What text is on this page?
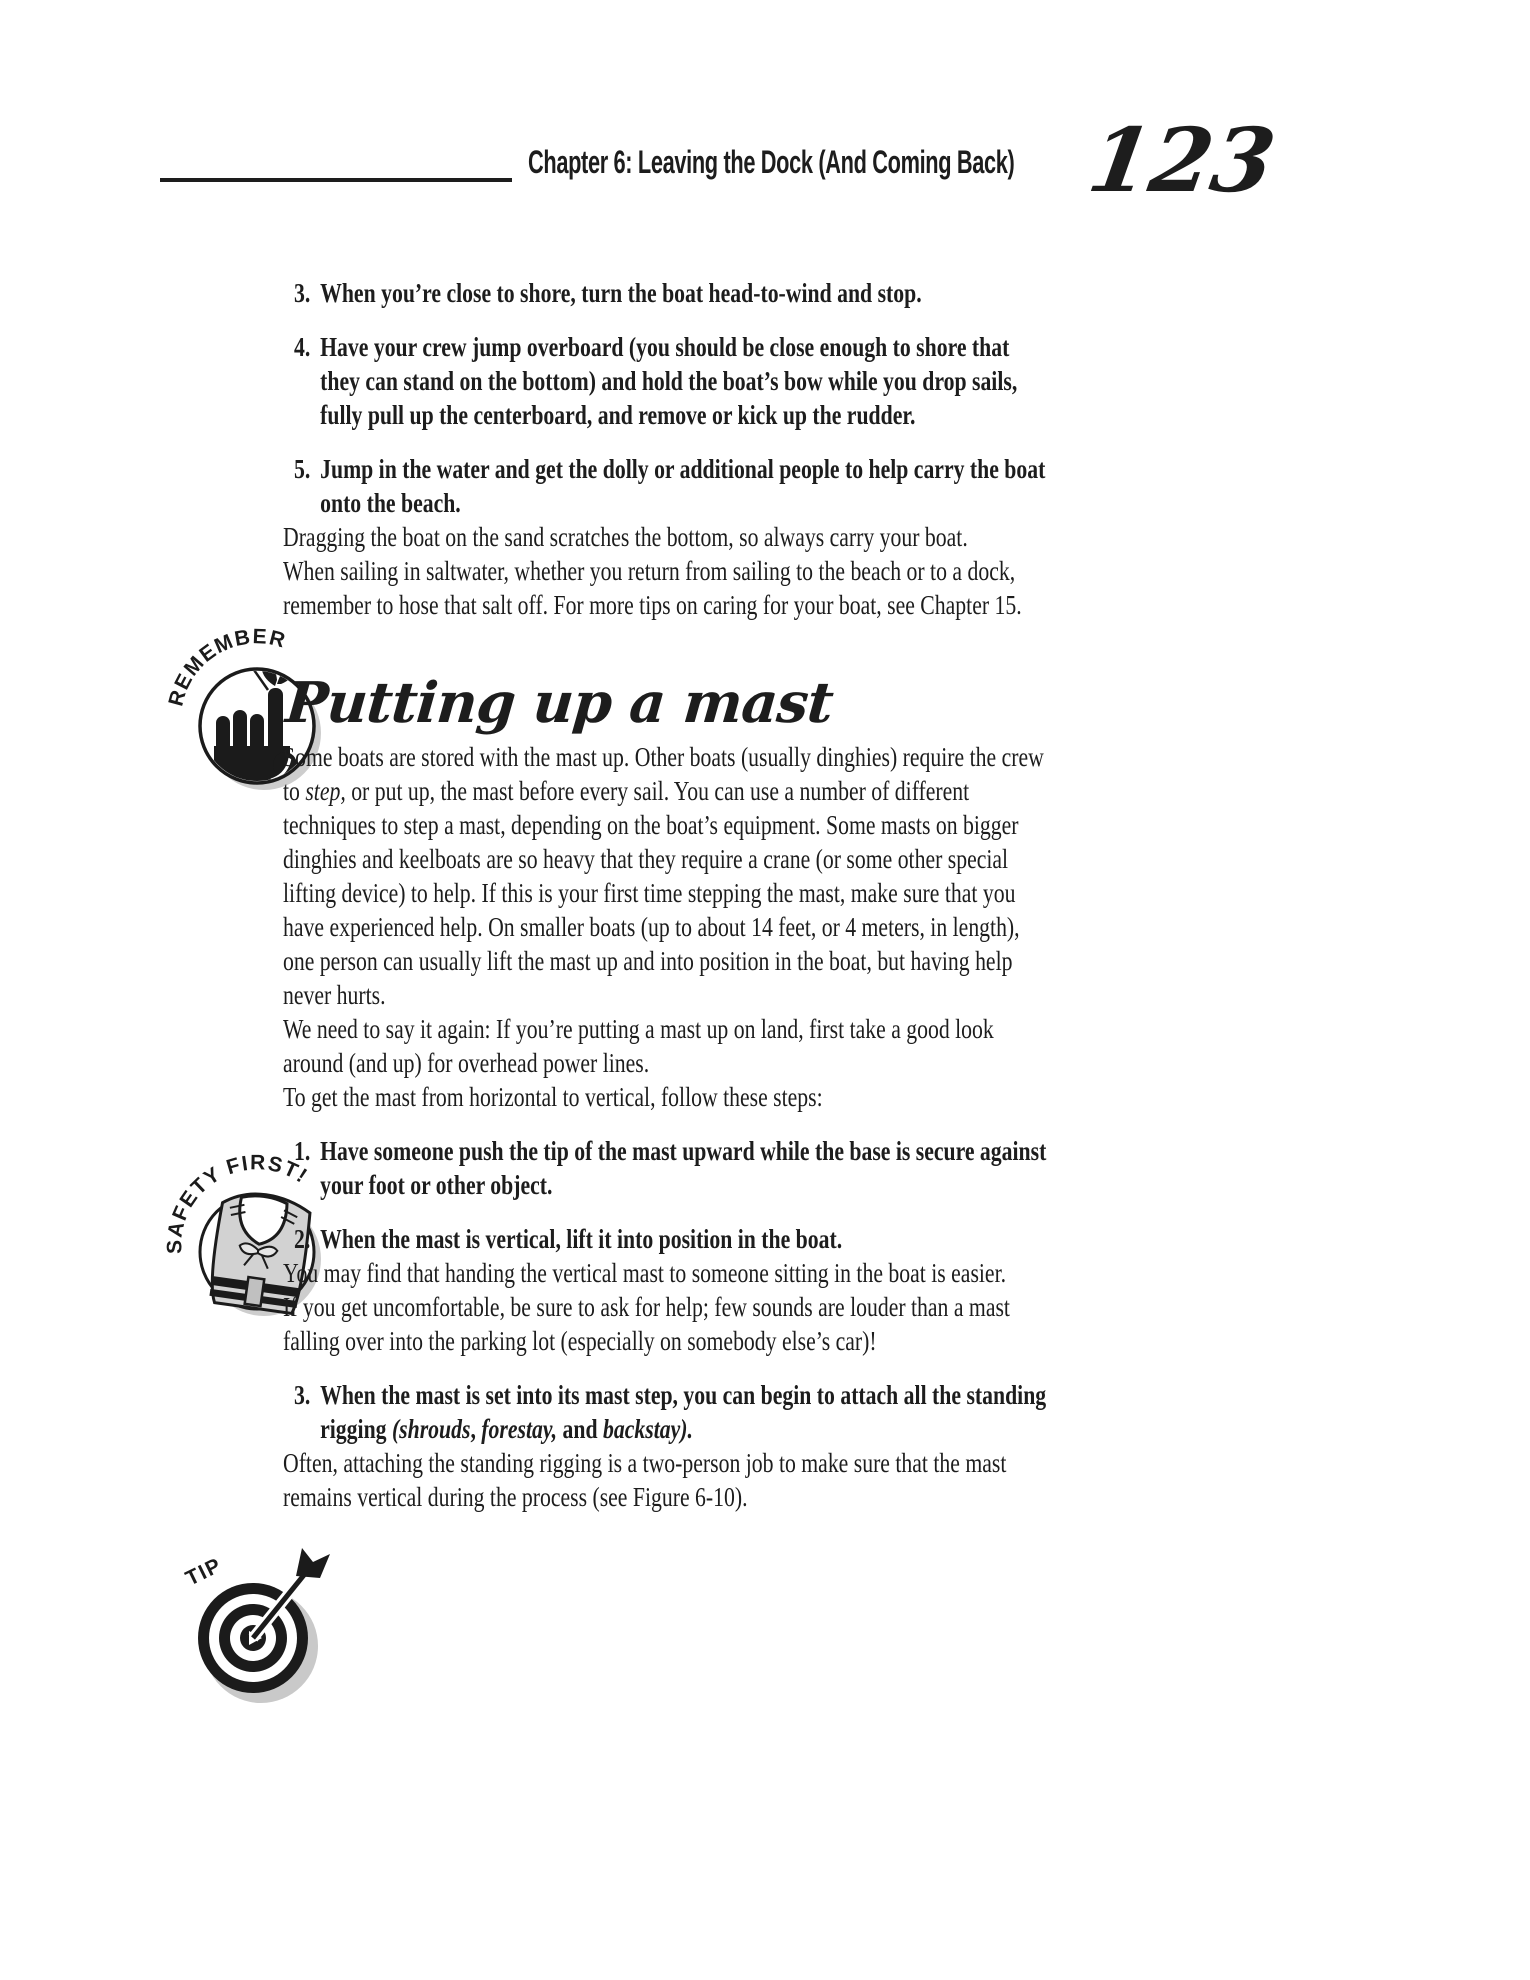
Chapter 6: Leaving the Dock (And Coming Back) 123
REMEMBER
SAFETY FIRST!
TIP
3. When you’re close to shore, turn the boat head-to-wind and stop.
4. Have your crew jump overboard (you should be close enough to shore that they can stand on the bottom) and hold the boat’s bow while you drop sails, fully pull up the centerboard, and remove or kick up the rudder.
5. Jump in the water and get the dolly or additional people to help carry the boat onto the beach.

Dragging the boat on the sand scratches the bottom, so always carry your boat.

When sailing in saltwater, whether you return from sailing to the beach or to a dock, remember to hose that salt off. For more tips on caring for your boat, see Chapter 15.

Putting up a mast

Some boats are stored with the mast up. Other boats (usually dinghies) require the crew to step, or put up, the mast before every sail. You can use a number of different techniques to step a mast, depending on the boat’s equipment. Some masts on bigger dinghies and keelboats are so heavy that they require a crane (or some other special lifting device) to help. If this is your first time stepping the mast, make sure that you have experienced help. On smaller boats (up to about 14 feet, or 4 meters, in length), one person can usually lift the mast up and into position in the boat, but having help never hurts.

We need to say it again: If you’re putting a mast up on land, first take a good look around (and up) for overhead power lines.

To get the mast from horizontal to vertical, follow these steps:

1. Have someone push the tip of the mast upward while the base is secure against your foot or other object.
2. When the mast is vertical, lift it into position in the boat.

You may find that handing the vertical mast to someone sitting in the boat is easier.

If you get uncomfortable, be sure to ask for help; few sounds are louder than a mast falling over into the parking lot (especially on somebody else’s car)!

3. When the mast is set into its mast step, you can begin to attach all the standing rigging (shrouds, forestay, and backstay).

Often, attaching the standing rigging is a two-person job to make sure that the mast remains vertical during the process (see Figure 6-10).
